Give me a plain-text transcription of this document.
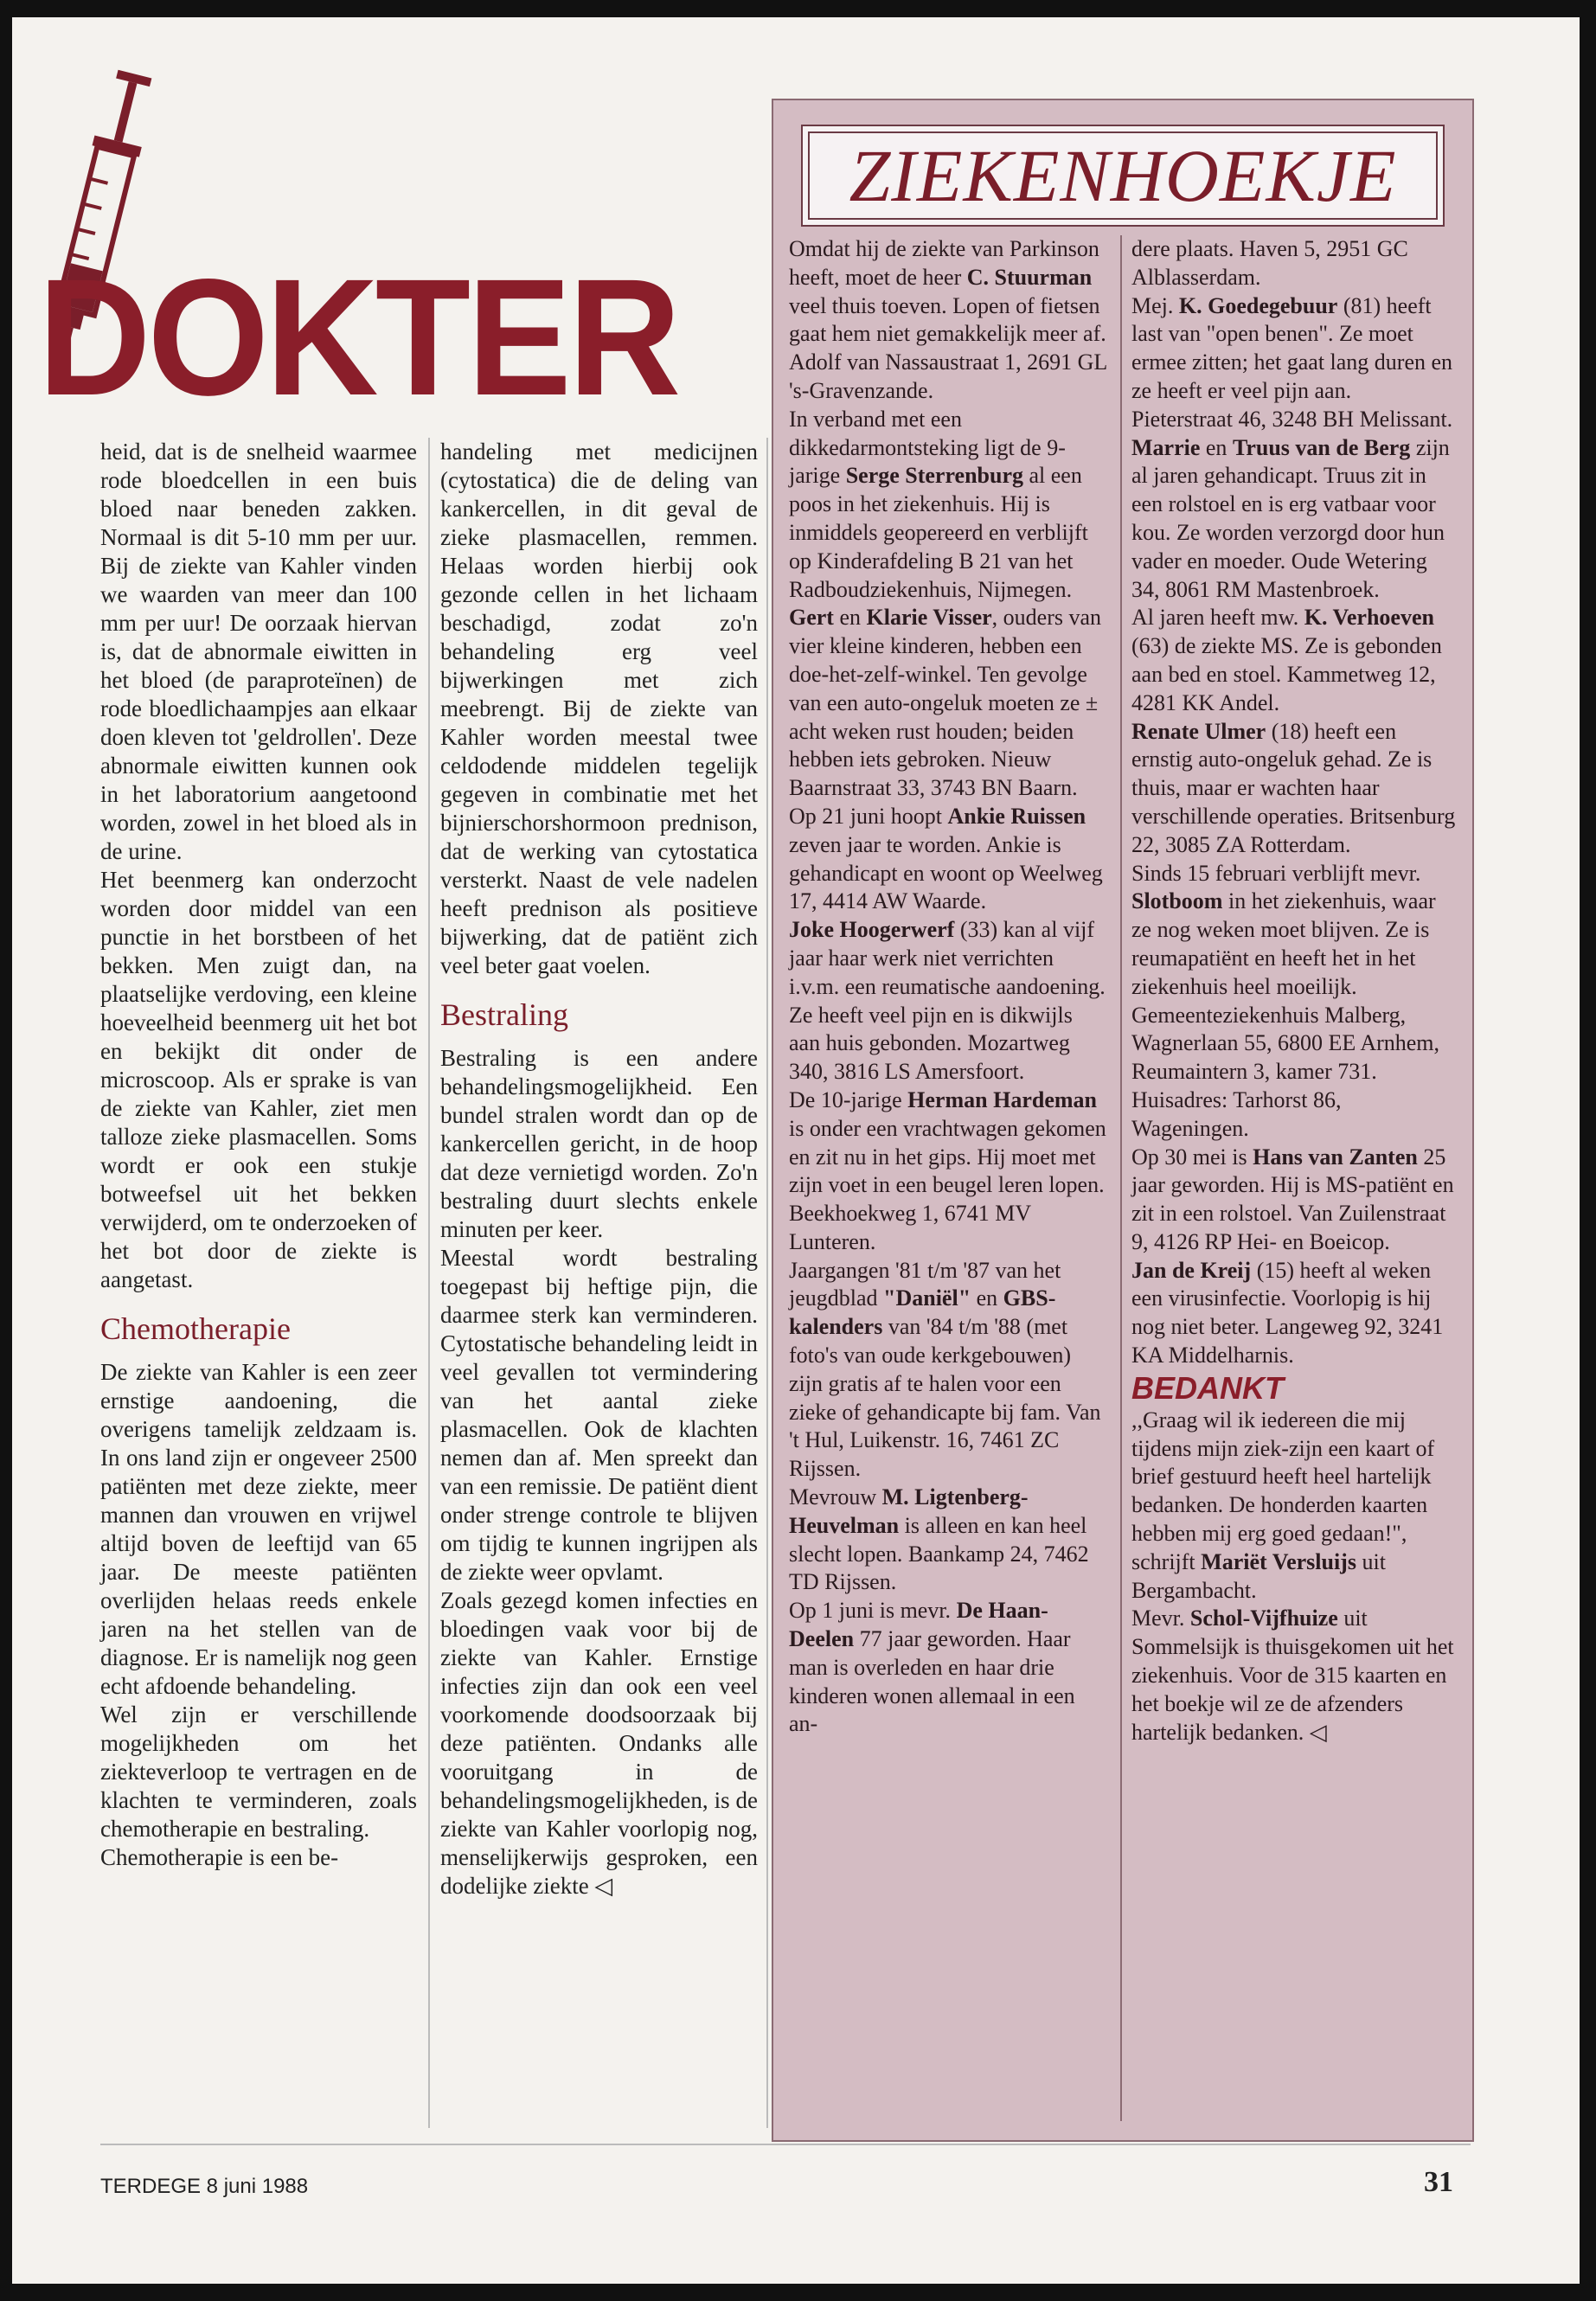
DOKTER

heid, dat is de snelheid waarmee rode bloedcellen in een buis bloed naar beneden zakken. Normaal is dit 5-10 mm per uur. Bij de ziekte van Kahler vinden we waarden van meer dan 100 mm per uur! De oorzaak hiervan is, dat de abnormale eiwitten in het bloed (de paraproteïnen) de rode bloedlichaampjes aan elkaar doen kleven tot 'geldrollen'. Deze abnormale eiwitten kunnen ook in het laboratorium aangetoond worden, zowel in het bloed als in de urine.

Het beenmerg kan onderzocht worden door middel van een punctie in het borstbeen of het bekken. Men zuigt dan, na plaatselijke verdoving, een kleine hoeveelheid beenmerg uit het bot en bekijkt dit onder de microscoop. Als er sprake is van de ziekte van Kahler, ziet men talloze zieke plasmacellen. Soms wordt er ook een stukje botweefsel uit het bekken verwijderd, om te onderzoeken of het bot door de ziekte is aangetast.

Chemotherapie

De ziekte van Kahler is een zeer ernstige aandoening, die overigens tamelijk zeldzaam is. In ons land zijn er ongeveer 2500 patiënten met deze ziekte, meer mannen dan vrouwen en vrijwel altijd boven de leeftijd van 65 jaar. De meeste patiënten overlijden helaas reeds enkele jaren na het stellen van de diagnose. Er is namelijk nog geen echt afdoende behandeling.

Wel zijn er verschillende mogelijkheden om het ziekteverloop te vertragen en de klachten te verminderen, zoals chemotherapie en bestraling.

Chemotherapie is een be-

handeling met medicijnen (cytostatica) die de deling van kankercellen, in dit geval de zieke plasmacellen, remmen. Helaas worden hierbij ook gezonde cellen in het lichaam beschadigd, zodat zo'n behandeling erg veel bijwerkingen met zich meebrengt. Bij de ziekte van Kahler worden meestal twee celdodende middelen tegelijk gegeven in combinatie met het bijnierschorshormoon prednison, dat de werking van cytostatica versterkt. Naast de vele nadelen heeft prednison als positieve bijwerking, dat de patiënt zich veel beter gaat voelen.

Bestraling

Bestraling is een andere behandelingsmogelijkheid. Een bundel stralen wordt dan op de kankercellen gericht, in de hoop dat deze vernietigd worden. Zo'n bestraling duurt slechts enkele minuten per keer.

Meestal wordt bestraling toegepast bij heftige pijn, die daarmee sterk kan verminderen. Cytostatische behandeling leidt in veel gevallen tot vermindering van het aantal zieke plasmacellen. Ook de klachten nemen dan af. Men spreekt dan van een remissie. De patiënt dient onder strenge controle te blijven om tijdig te kunnen ingrijpen als de ziekte weer opvlamt.

Zoals gezegd komen infecties en bloedingen vaak voor bij de ziekte van Kahler. Ernstige infecties zijn dan ook een veel voorkomende doodsoorzaak bij deze patiënten. Ondanks alle vooruitgang in de behandelingsmogelijkheden, is de ziekte van Kahler voorlopig nog, menselijkerwijs gesproken, een dodelijke ziekte ◁

ZIEKENHOEKJE

Omdat hij de ziekte van Parkinson heeft, moet de heer C. Stuurman veel thuis toeven. Lopen of fietsen gaat hem niet gemakkelijk meer af. Adolf van Nassaustraat 1, 2691 GL 's-Gravenzande.

In verband met een dikkedarmontsteking ligt de 9-jarige Serge Sterrenburg al een poos in het ziekenhuis. Hij is inmiddels geopereerd en verblijft op Kinderafdeling B 21 van het Radboudziekenhuis, Nijmegen.

Gert en Klarie Visser, ouders van vier kleine kinderen, hebben een doe-het-zelf-winkel. Ten gevolge van een auto-ongeluk moeten ze ± acht weken rust houden; beiden hebben iets gebroken. Nieuw Baarnstraat 33, 3743 BN Baarn.

Op 21 juni hoopt Ankie Ruissen zeven jaar te worden. Ankie is gehandicapt en woont op Weelweg 17, 4414 AW Waarde.

Joke Hoogerwerf (33) kan al vijf jaar haar werk niet verrichten i.v.m. een reumatische aandoening. Ze heeft veel pijn en is dikwijls aan huis gebonden. Mozartweg 340, 3816 LS Amersfoort.

De 10-jarige Herman Hardeman is onder een vrachtwagen gekomen en zit nu in het gips. Hij moet met zijn voet in een beugel leren lopen. Beekhoekweg 1, 6741 MV Lunteren.

Jaargangen '81 t/m '87 van het jeugdblad "Daniël" en GBS-kalenders van '84 t/m '88 (met foto's van oude kerkgebouwen) zijn gratis af te halen voor een zieke of gehandicapte bij fam. Van 't Hul, Luikenstr. 16, 7461 ZC Rijssen.

Mevrouw M. Ligtenberg-Heuvelman is alleen en kan heel slecht lopen. Baankamp 24, 7462 TD Rijssen.

Op 1 juni is mevr. De Haan-Deelen 77 jaar geworden. Haar man is overleden en haar drie kinderen wonen allemaal in een an-

dere plaats. Haven 5, 2951 GC Alblasserdam.

Mej. K. Goedegebuur (81) heeft last van "open benen". Ze moet ermee zitten; het gaat lang duren en ze heeft er veel pijn aan. Pieterstraat 46, 3248 BH Melissant.

Marrie en Truus van de Berg zijn al jaren gehandicapt. Truus zit in een rolstoel en is erg vatbaar voor kou. Ze worden verzorgd door hun vader en moeder. Oude Wetering 34, 8061 RM Mastenbroek.

Al jaren heeft mw. K. Verhoeven (63) de ziekte MS. Ze is gebonden aan bed en stoel. Kammetweg 12, 4281 KK Andel.

Renate Ulmer (18) heeft een ernstig auto-ongeluk gehad. Ze is thuis, maar er wachten haar verschillende operaties. Britsenburg 22, 3085 ZA Rotterdam.

Sinds 15 februari verblijft mevr. Slotboom in het ziekenhuis, waar ze nog weken moet blijven. Ze is reumapatiënt en heeft het in het ziekenhuis heel moeilijk. Gemeenteziekenhuis Malberg, Wagnerlaan 55, 6800 EE Arnhem, Reumaintern 3, kamer 731. Huisadres: Tarhorst 86, Wageningen.

Op 30 mei is Hans van Zanten 25 jaar geworden. Hij is MS-patiënt en zit in een rolstoel. Van Zuilenstraat 9, 4126 RP Hei- en Boeicop.

Jan de Kreij (15) heeft al weken een virusinfectie. Voorlopig is hij nog niet beter. Langeweg 92, 3241 KA Middelharnis.

BEDANKT

,,Graag wil ik iedereen die mij tijdens mijn ziek-zijn een kaart of brief gestuurd heeft heel hartelijk bedanken. De honderden kaarten hebben mij erg goed gedaan!", schrijft Mariët Versluijs uit Bergambacht.

Mevr. Schol-Vijfhuize uit Sommelsijk is thuisgekomen uit het ziekenhuis. Voor de 315 kaarten en het boekje wil ze de afzenders hartelijk bedanken. ◁

TERDEGE 8 juni 1988	31
